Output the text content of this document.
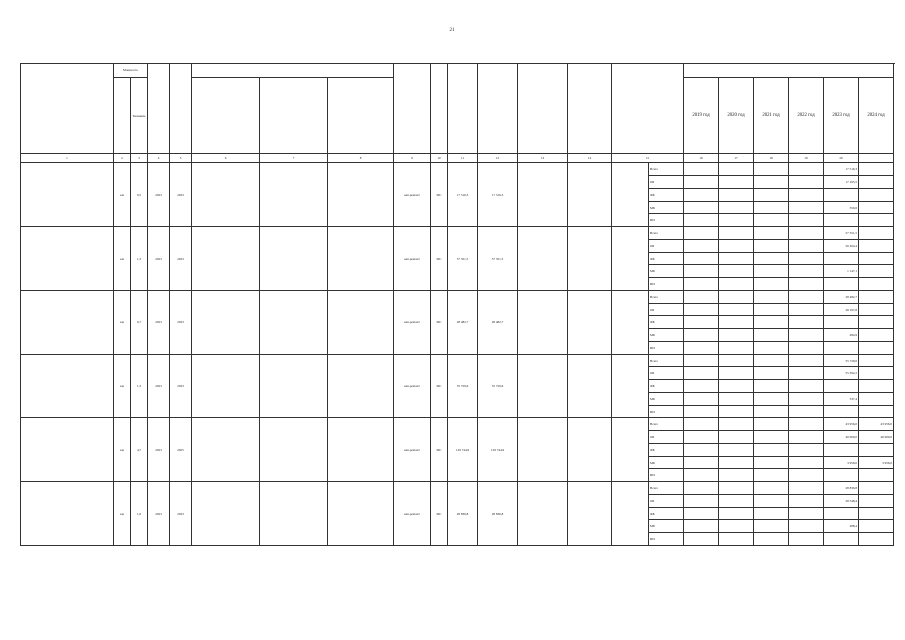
21
	Мощность																					
		Значение														2019 год	2020 год	2021 год	2022 год	2023 год	2024 год	
1	2	3	4	5	6	7	8	9	10	11	12	13	14	15		16	17	18	19	20		
	км	0,5	2023	2023				кап.ремонт	МС	17 516,3	17 516,3				Всего					17 516,3		
															ОБ					17 165,5		
															ФБ							
															МБ					350,6		
															ИИ							
	км	1,3	2023	2023				кап.ремонт	МС	57 351,5	57 351,5				Всего					57 351,5		
															ОБ					56 204,4		
															ФБ							
															МБ					1 147,1		
															ИИ							
	км	0,7	2023	2023				кап.ремонт	МС	28 482,7	28 482,7				Всего					28 482,7		
															ОБ					28 197,8		
															ФБ							
															МБ					284,9		
															ИИ							
	км	1,3	2023	2023				кап.ремонт	МС	55 729,6	55 729,6				Всего					55 729,6		
															ОБ					55 392,2		
															ФБ							
															МБ					337,4		
															ИИ							
	км	4,7	2023	2025				кап.ремонт	МС	129 744,9	129 744,9				Всего					43 956,0	43 956,0	
															ОБ					40 000,0	40 000,0	
															ФБ							
															МБ					3 956,0	3 956,0	
															ИИ							
	км	1,0	2023	2023				кап.ремонт	МС	28 836,8	28 836,8				Всего					28 836,8		
															ОБ					28 548,4		
															ФБ							
															МБ					288,4		
															ИИ							
